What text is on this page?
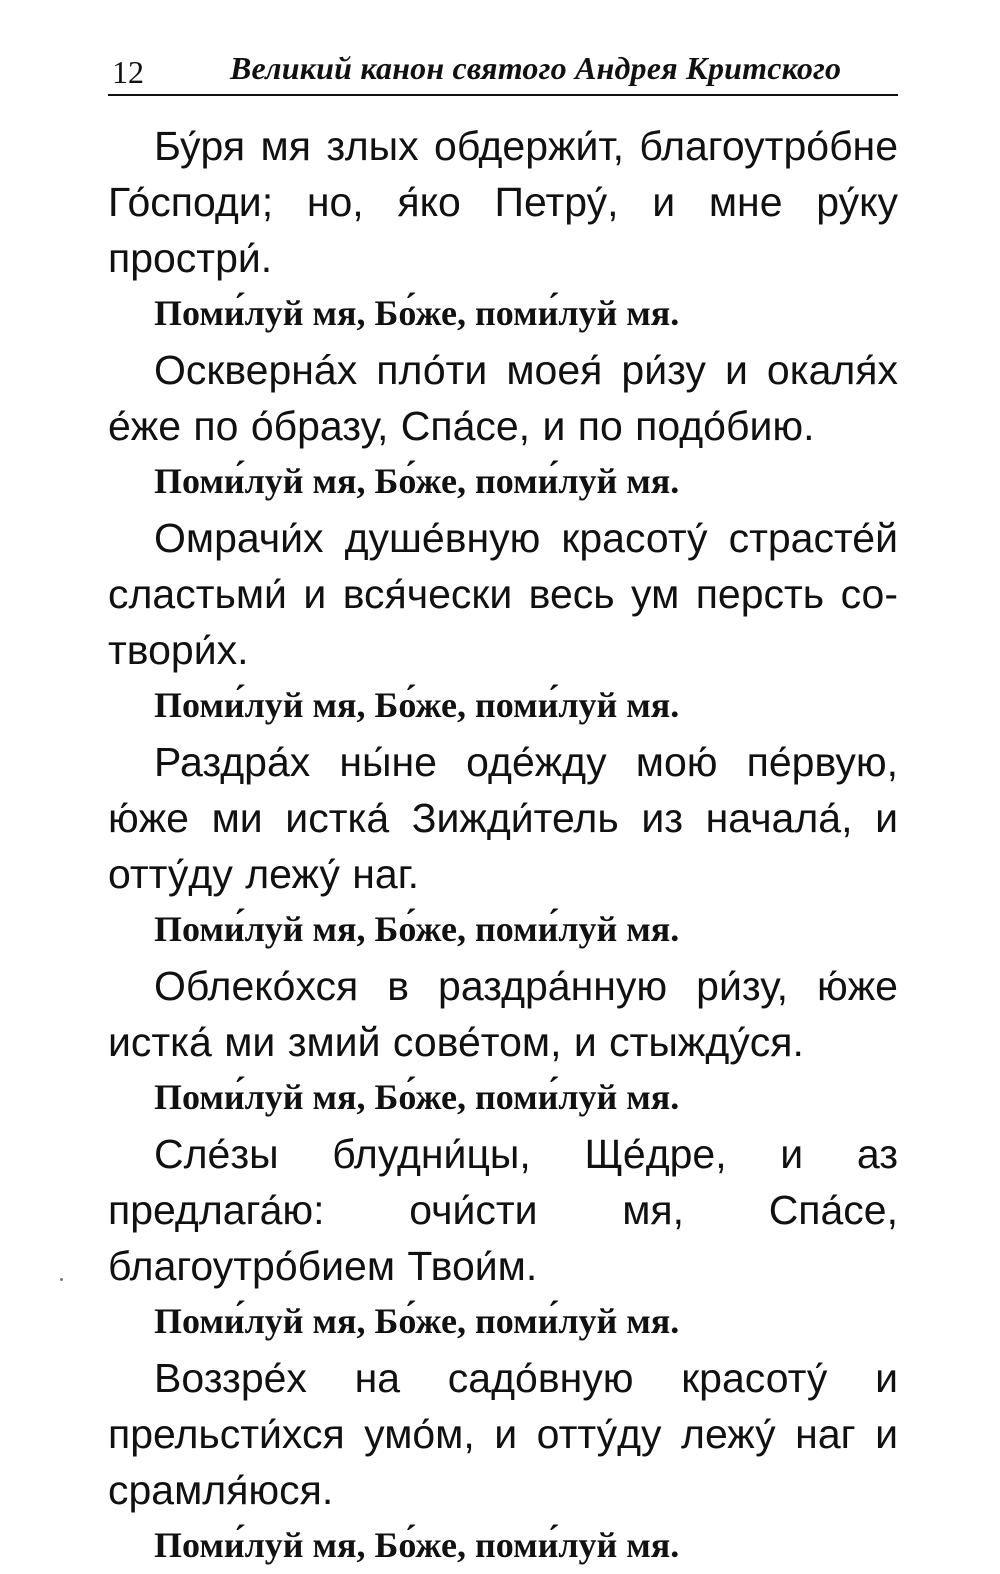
12	Великий канон святого Андрея Критского

Бу́ря мя злых обдержи́т, благоутро́бне Го́споди; но, я́ко Петру́, и мне ру́ку простри́.

Поми́луй мя, Бо́же, поми́луй мя.

Осквернáх пло́ти моея́ ри́зу и окаля́х е́же по о́бразу, Спа́се, и по подо́бию.

Поми́луй мя, Бо́же, поми́луй мя.

Омрачи́х душе́вную красоту́ страсте́й сластьми́ и вся́чески весь ум персть сотвори́х.

Поми́луй мя, Бо́же, поми́луй мя.

Раздра́х ны́не оде́жду мою́ пе́рвую, ю́же ми истка́ Зижди́тель из начала́, и отту́ду лежу́ наг.

Поми́луй мя, Бо́же, поми́луй мя.

Облеко́хся в раздра́нную ри́зу, ю́же истка́ ми змий сове́том, и стыжду́ся.

Поми́луй мя, Бо́же, поми́луй мя.

Сле́зы блудни́цы, Ще́дре, и аз предлага́ю: очи́сти мя, Спа́се, благоутро́бием Твои́м.

Поми́луй мя, Бо́же, поми́луй мя.

Воззре́х на садо́вную красоту́ и прельсти́хся умо́м, и отту́ду лежу́ наг и срамля́юся.

Поми́луй мя, Бо́же, поми́луй мя.
